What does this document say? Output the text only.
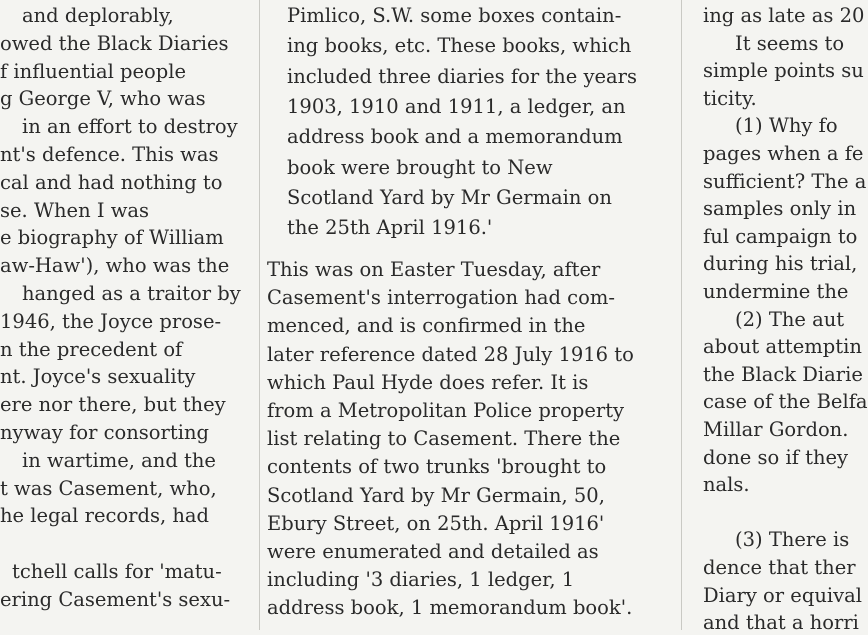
and deplorably,
owed the Black Diaries
f influential people
g George V, who was
in an effort to destroy
nt's defence. This was
cal and had nothing to
se. When I was
e biography of William
aw-Haw'), who was the
hanged as a traitor by
1946, the Joyce prose-
n the precedent of
nt. Joyce's sexuality
ere nor there, but they
nyway for consorting
in wartime, and the
t was Casement, who,
he legal records, had
tchell calls for 'matu-
ering Casement's sexu-
Pimlico, S.W. some boxes contain-
ing books, etc. These books, which
included three diaries for the years
1903, 1910 and 1911, a ledger, an
address book and a memorandum
book were brought to New
Scotland Yard by Mr Germain on
the 25th April 1916.'
This was on Easter Tuesday, after
Casement's interrogation had com-
menced, and is confirmed in the
later reference dated 28 July 1916 to
which Paul Hyde does refer. It is
from a Metropolitan Police property
list relating to Casement. There the
contents of two trunks 'brought to
Scotland Yard by Mr Germain, 50,
Ebury Street, on 25th. April 1916'
were enumerated and detailed as
including '3 diaries, 1 ledger, 1
address book, 1 memorandum book'.
ing as late as 20
It seems to
simple points su
ticity.
(1) Why fo
pages when a fe
sufficient? The a
samples only in
ful campaign to
during his trial,
undermine the
(2) The aut
about attemptin
the Black Diarie
case of the Belfa
Millar Gordon.
done so if they
nals.
(3) There is
dence that ther
Diary or equival
and that a horri
